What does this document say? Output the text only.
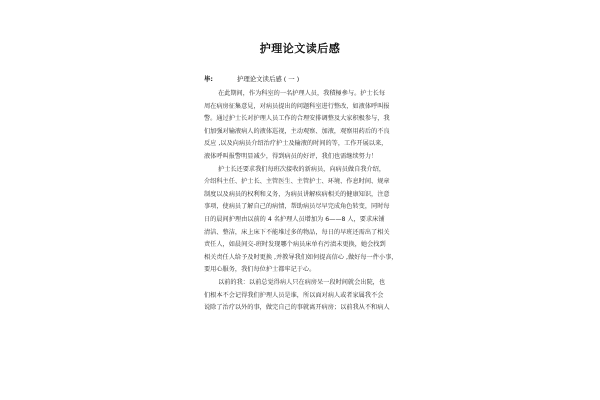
护理论文读后感
毕:	护理论文读后感 ( 一 )
在此期间，作为科室的一名护理人员，我積極參与。护士长每
周在病房征集意見，对病员提出的问题科室进行整改，如液体呼叫报
警。通过护士长对护理人员工作的合理安排调整及大家积极参与，我
们加强对输液病人的液体巡视，主动观察、加液，观察用药后的不良
反应 ,以及向病员介绍治疗护士及输液的时间的等，工作开展以来，
液体呼叫报警明显减少，得到病员的好评，我们也需继续努力！
护士长还要求我们每班次接收的新病员，向病员做自我介绍，
介绍科主任、护士长、主管医生、主管护士、环境、作息时间、规章
制度以及病员的权利和义务，为病员讲解疾病相关的健康知识，注意
事项，使病员了解自己的病情，帮助病员尽早完成角色转变，同时每
日的晨间护理由以前的 4 名护理人员增加为 6——8 人，要求床铺
清洁、整洁，床上床下不能堆过多的物品，每日的早班还需出了相关
责任人，如晨间交-班时发现哪个病员床单有污渍未更换，她会找到
相关责任人给予及时更换 ,并教导我们如何提高信心 ,做好每一件小事，
要用心服务，我们每位护士都牢记于心。
以前的我：以前总觉得病人只在病房呆一段时间就会出院，也
们根本不会记得我们护理人员是谁，所以面对病人或者家属我不会
说除了治疗以外的事，做完自己的事就离开病房；以前我从不和病人
